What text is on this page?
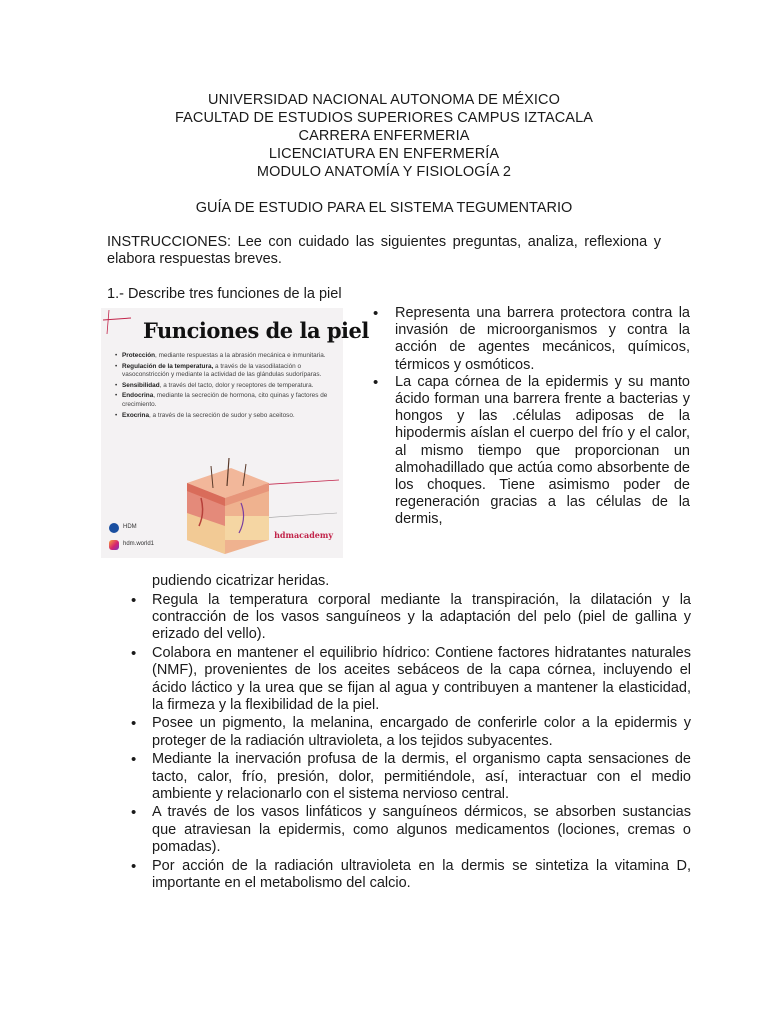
UNIVERSIDAD NACIONAL AUTONOMA DE MÉXICO
FACULTAD DE ESTUDIOS SUPERIORES CAMPUS IZTACALA
CARRERA ENFERMERIA
LICENCIATURA EN ENFERMERÍA
MODULO ANATOMÍA Y FISIOLOGÍA 2
GUÍA DE ESTUDIO PARA EL SISTEMA TEGUMENTARIO
INSTRUCCIONES: Lee con cuidado las siguientes preguntas, analiza, reflexiona y elabora respuestas breves.
1.- Describe tres funciones de la piel
Funciones de la piel
• Protección, mediante respuestas a la abrasión mecánica e inmunitaria.
• Regulación de la temperatura, a través de la vasodilatación o vasoconstricción y mediante la actividad de las glándulas sudoríparas.
• Sensibilidad, a través del tacto, dolor y receptores de temperatura.
• Endocrina, mediante la secreción de hormona, cito quinas y factores de crecimiento.
• Exocrina, a través de la secreción de sudor y sebo aceitoso.
HDM
hdm.world1
hdmacademy
• Representa una barrera protectora contra la invasión de microorganismos y contra la acción de agentes mecánicos, químicos, térmicos y osmóticos.
• La capa córnea de la epidermis y su manto ácido forman una barrera frente a bacterias y hongos y las .células adiposas de la hipodermis aíslan el cuerpo del frío y el calor, al mismo tiempo que proporcionan un almohadillado que actúa como absorbente de los choques. Tiene asimismo poder de regeneración gracias a las células de la dermis,
pudiendo cicatrizar heridas.
• Regula la temperatura corporal mediante la transpiración, la dilatación y la contracción de los vasos sanguíneos y la adaptación del pelo (piel de gallina y erizado del vello).
• Colabora en mantener el equilibrio hídrico: Contiene factores hidratantes naturales (NMF), provenientes de los aceites sebáceos de la capa córnea, incluyendo el ácido láctico y la urea que se fijan al agua y contribuyen a mantener la elasticidad, la firmeza y la flexibilidad de la piel.
• Posee un pigmento, la melanina, encargado de conferirle color a la epidermis y proteger de la radiación ultravioleta, a los tejidos subyacentes.
• Mediante la inervación profusa de la dermis, el organismo capta sensaciones de tacto, calor, frío, presión, dolor, permitiéndole, así, interactuar con el medio ambiente y relacionarlo con el sistema nervioso central.
• A través de los vasos linfáticos y sanguíneos dérmicos, se absorben sustancias que atraviesan la epidermis, como algunos medicamentos (lociones, cremas o pomadas).
• Por acción de la radiación ultravioleta en la dermis se sintetiza la vitamina D, importante en el metabolismo del calcio.
